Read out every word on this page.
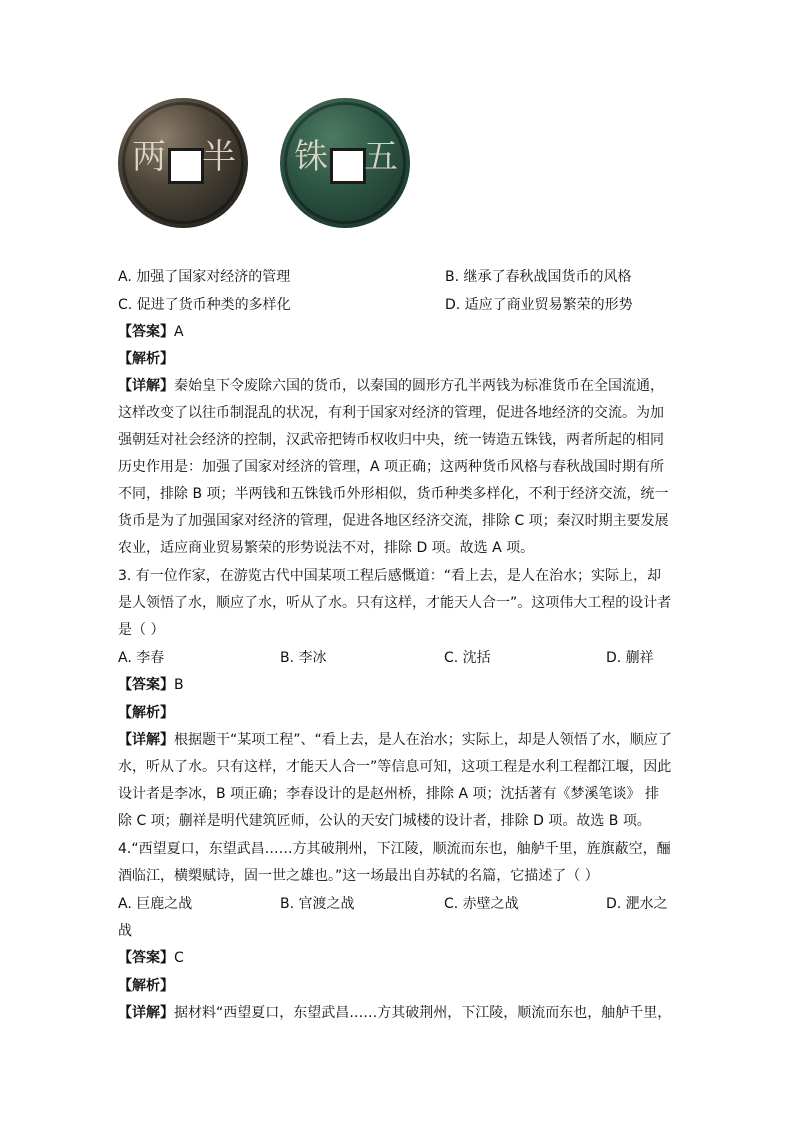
两 半 铢 五
A. 加强了国家对经济的管理	B. 继承了春秋战国货币的风格
C. 促进了货币种类的多样化	D. 适应了商业贸易繁荣的形势
【答案】A
【解析】
【详解】秦始皇下令废除六国的货币，以秦国的圆形方孔半两钱为标准货币在全国流通，
这样改变了以往币制混乱的状况，有利于国家对经济的管理，促进各地经济的交流。为加
强朝廷对社会经济的控制，汉武帝把铸币权收归中央，统一铸造五铢钱，两者所起的相同
历史作用是：加强了国家对经济的管理，A 项正确；这两种货币风格与春秋战国时期有所
不同，排除 B 项；半两钱和五铢钱币外形相似，货币种类多样化，不利于经济交流，统一
货币是为了加强国家对经济的管理，促进各地区经济交流，排除 C 项；秦汉时期主要发展
农业，适应商业贸易繁荣的形势说法不对，排除 D 项。故选 A 项。
3. 有一位作家，在游览古代中国某项工程后感慨道：“看上去，是人在治水；实际上，却
是人领悟了水，顺应了水，听从了水。只有这样，才能天人合一”。这项伟大工程的设计者
是（ ）
A. 李春	B. 李冰	C. 沈括	D. 蒯祥
【答案】B
【解析】
【详解】根据题干“某项工程”、“看上去，是人在治水；实际上，却是人领悟了水，顺应了
水，听从了水。只有这样，才能天人合一”等信息可知，这项工程是水利工程都江堰，因此
设计者是李冰，B 项正确；李春设计的是赵州桥，排除 A 项；沈括著有《梦溪笔谈》 排
除 C 项；蒯祥是明代建筑匠师，公认的天安门城楼的设计者，排除 D 项。故选 B 项。
4.“西望夏口，东望武昌……方其破荆州，下江陵，顺流而东也，舳舻千里，旌旗蔽空，酾
酒临江，横槊赋诗，固一世之雄也。”这一场最出自苏轼的名篇，它描述了（ ）
A. 巨鹿之战	B. 官渡之战	C. 赤壁之战	D. 淝水之
战
【答案】C
【解析】
【详解】据材料“西望夏口，东望武昌……方其破荆州，下江陵，顺流而东也，舳舻千里，
